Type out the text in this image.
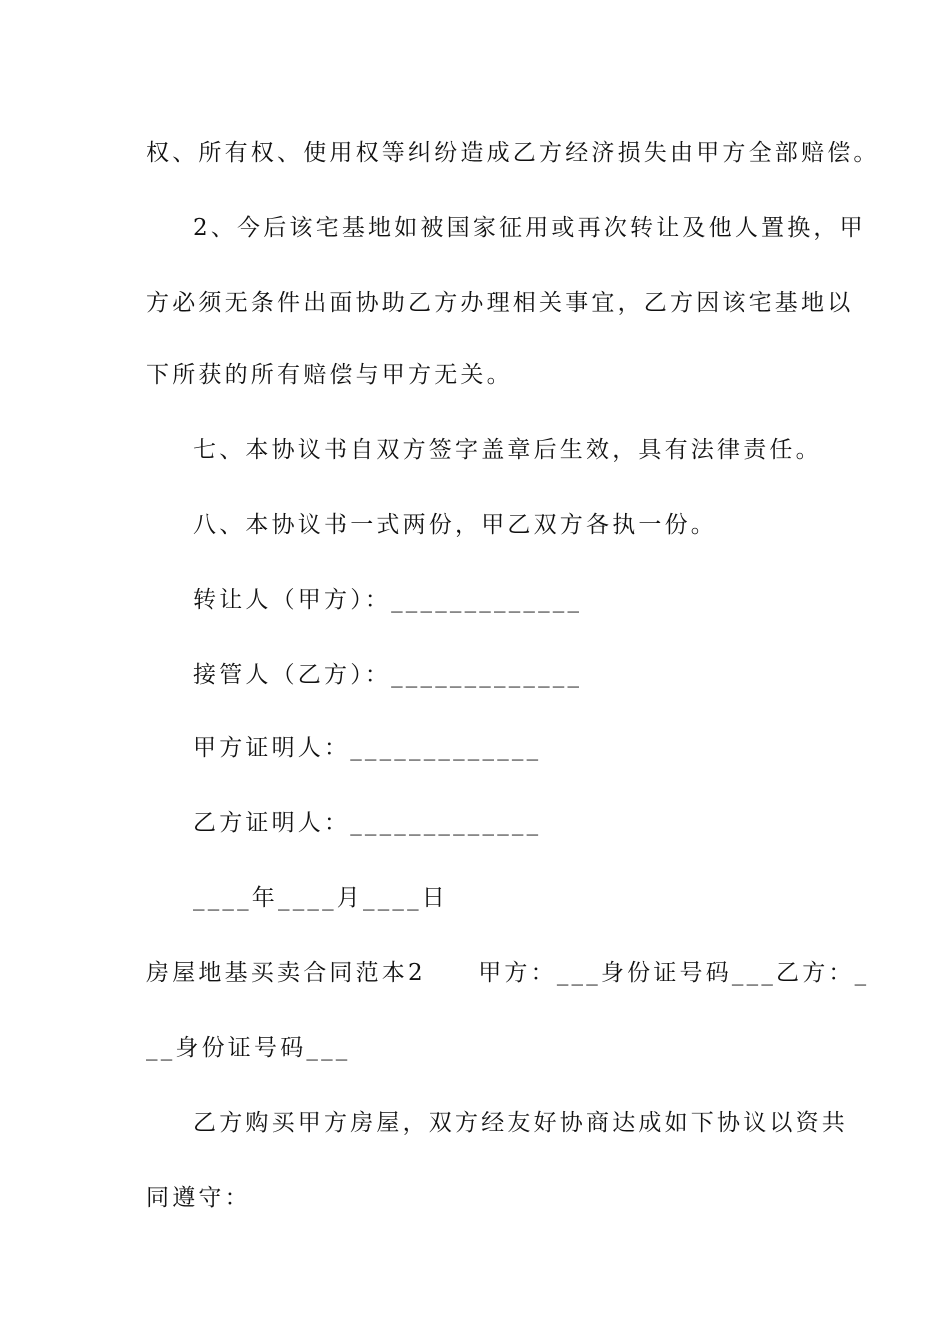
权、所有权、使用权等纠纷造成乙方经济损失由甲方全部赔偿。
2、今后该宅基地如被国家征用或再次转让及他人置换，甲
方必须无条件出面协助乙方办理相关事宜，乙方因该宅基地以
下所获的所有赔偿与甲方无关。
七、本协议书自双方签字盖章后生效，具有法律责任。
八、本协议书一式两份，甲乙双方各执一份。
转让人（甲方）：_____________
接管人（乙方）：_____________
甲方证明人：_____________
乙方证明人：_____________
____年____月____日
房屋地基买卖合同范本2　　甲方：___身份证号码___乙方：_
__身份证号码___
乙方购买甲方房屋，双方经友好协商达成如下协议以资共
同遵守：
